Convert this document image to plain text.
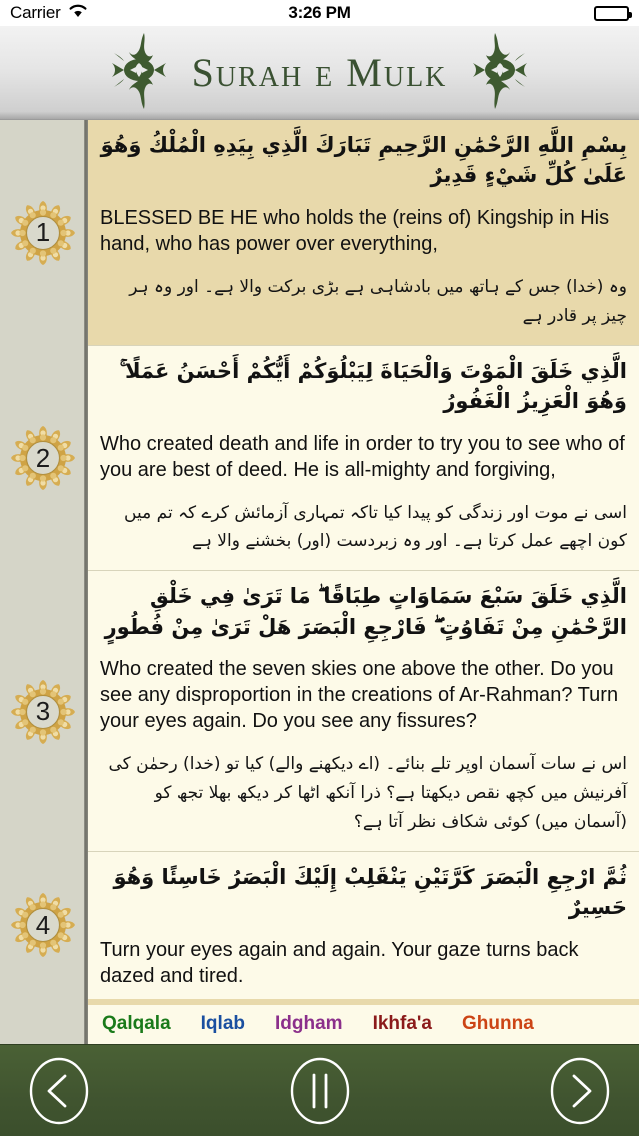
Carrier	3:26 PM
Surah e Mulk
1
2
3
4
بِسْمِ اللَّهِ الرَّحْمَٰنِ الرَّحِيمِ تَبَارَكَ الَّذِي بِيَدِهِ الْمُلْكُ وَهُوَ عَلَىٰ كُلِّ شَيْءٍ قَدِيرٌ
BLESSED BE HE who holds the (reins of) Kingship in His hand, who has power over everything,
وہ (خدا) جس کے ہاتھ میں بادشاہی ہے بڑی برکت والا ہے۔ اور وہ ہر چیز پر قادر ہے
الَّذِي خَلَقَ الْمَوْتَ وَالْحَيَاةَ لِيَبْلُوَكُمْ أَيُّكُمْ أَحْسَنُ عَمَلًا ۚ وَهُوَ الْعَزِيزُ الْغَفُورُ
Who created death and life in order to try you to see who of you are best of deed. He is all-mighty and forgiving,
اسی نے موت اور زندگی کو پیدا کیا تاکہ تمہاری آزمائش کرے کہ تم میں کون اچھے عمل کرتا ہے۔ اور وہ زبردست (اور) بخشنے والا ہے
الَّذِي خَلَقَ سَبْعَ سَمَاوَاتٍ طِبَاقًا ۖ مَا تَرَىٰ فِي خَلْقِ الرَّحْمَٰنِ مِنْ تَفَاوُتٍ ۖ فَارْجِعِ الْبَصَرَ هَلْ تَرَىٰ مِنْ فُطُورٍ
Who created the seven skies one above the other. Do you see any disproportion in the creations of Ar-Rahman? Turn your eyes again. Do you see any fissures?
اس نے سات آسمان اوپر تلے بنائے۔ (اے دیکھنے والے) کیا تو (خدا) رحمٰن کی آفرنیش میں کچھ نقص دیکھتا ہے؟ ذرا آنکھ اٹھا کر دیکھ بھلا تجھ کو (آسمان میں) کوئی شکاف نظر آتا ہے؟
ثُمَّ ارْجِعِ الْبَصَرَ كَرَّتَيْنِ يَنْقَلِبْ إِلَيْكَ الْبَصَرُ خَاسِئًا وَهُوَ حَسِيرٌ
Turn your eyes again and again. Your gaze turns back dazed and tired.
Qalqala Iqlab Idgham Ikhfa'a Ghunna
